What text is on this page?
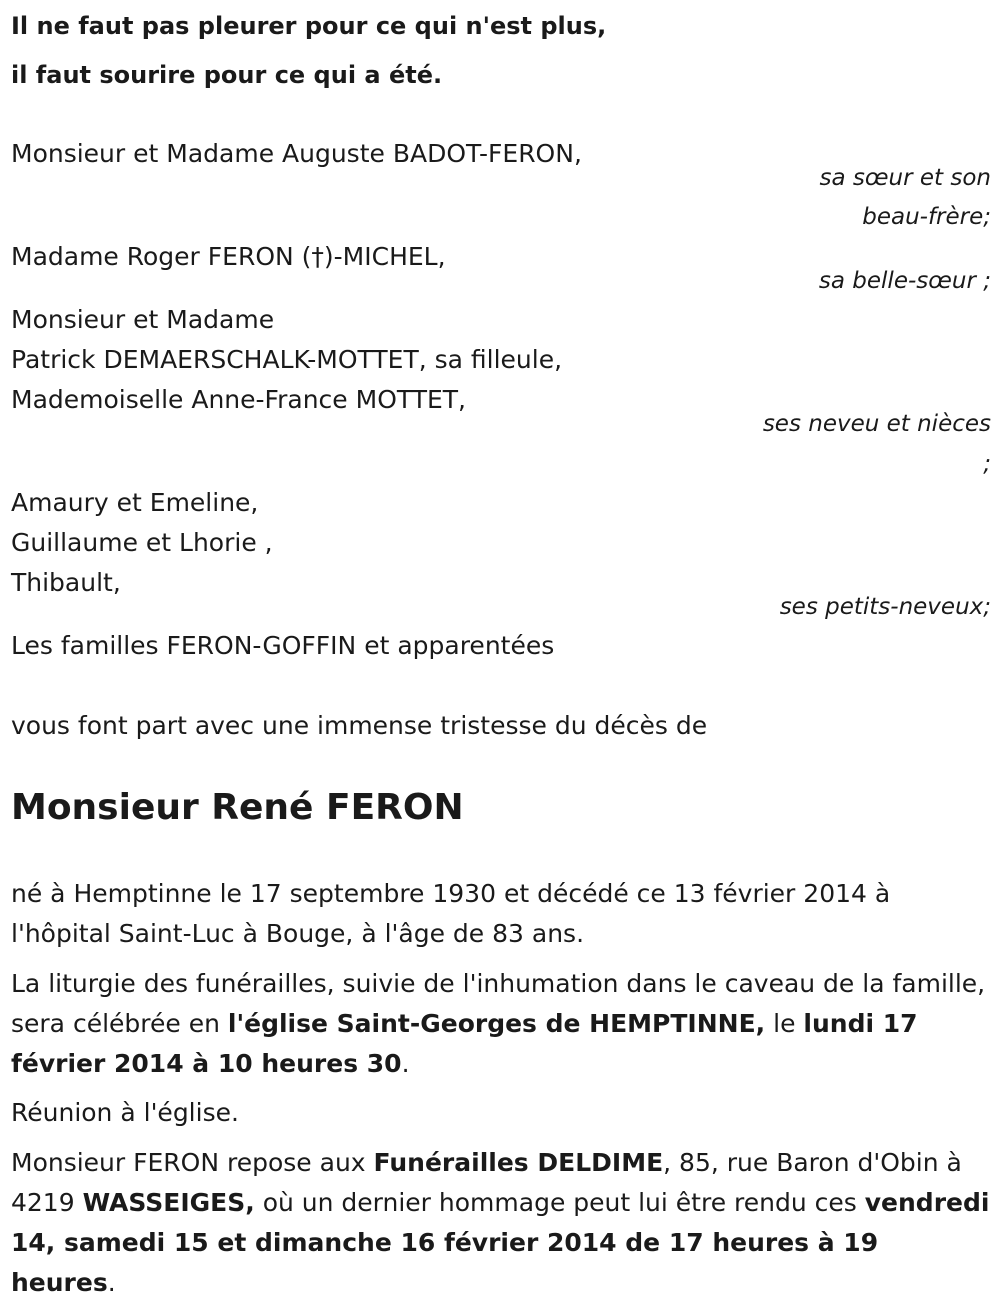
Il ne faut pas pleurer pour ce qui n'est plus,
il faut sourire pour ce qui a été.
Monsieur et Madame Auguste BADOT-FERON,
sa sœur et son
beau-frère;
Madame Roger FERON (†)-MICHEL,
sa belle-sœur ;
Monsieur et Madame
Patrick DEMAERSCHALK-MOTTET, sa filleule,
Mademoiselle Anne-France MOTTET,
ses neveu et nièces
;
Amaury et Emeline,
Guillaume et Lhorie ,
Thibault,
ses petits-neveux;
Les familles FERON-GOFFIN et apparentées
vous font part avec une immense tristesse du décès de
Monsieur René FERON
né à Hemptinne le 17 septembre 1930 et décédé ce 13 février 2014 à
l'hôpital Saint-Luc à Bouge, à l'âge de 83 ans.
La liturgie des funérailles, suivie de l'inhumation dans le caveau de la famille, sera célébrée en l'église Saint-Georges de HEMPTINNE, le lundi 17 février 2014 à 10 heures 30.
Réunion à l'église.
Monsieur FERON repose aux Funérailles DELDIME, 85, rue Baron d'Obin à 4219 WASSEIGES, où un dernier hommage peut lui être rendu ces vendredi 14, samedi 15 et dimanche 16 février 2014 de 17 heures à 19 heures.
